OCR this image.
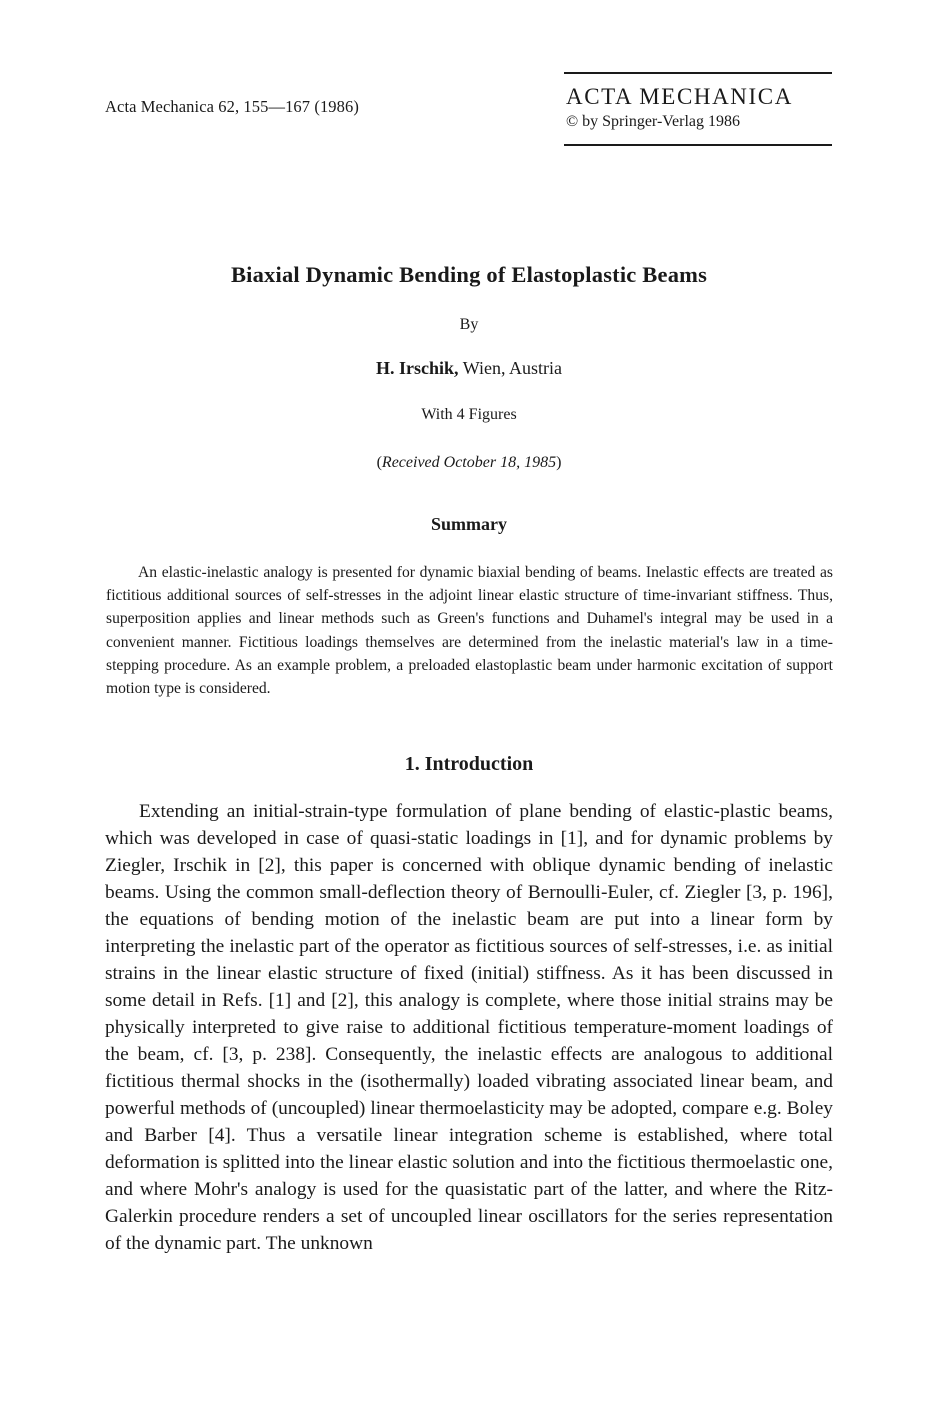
Acta Mechanica 62, 155—167 (1986)	ACTA MECHANICA
© by Springer-Verlag 1986
Biaxial Dynamic Bending of Elastoplastic Beams
By
H. Irschik, Wien, Austria
With 4 Figures
(Received October 18, 1985)
Summary

An elastic-inelastic analogy is presented for dynamic biaxial bending of beams. Inelastic effects are treated as fictitious additional sources of self-stresses in the adjoint linear elastic structure of time-invariant stiffness. Thus, superposition applies and linear methods such as Green's functions and Duhamel's integral may be used in a convenient manner. Fictitious loadings themselves are determined from the inelastic material's law in a time-stepping procedure. As an example problem, a preloaded elastoplastic beam under harmonic excitation of support motion type is considered.

1. Introduction

Extending an initial-strain-type formulation of plane bending of elastic-plastic beams, which was developed in case of quasi-static loadings in [1], and for dynamic problems by Ziegler, Irschik in [2], this paper is concerned with oblique dynamic bending of inelastic beams. Using the common small-deflection theory of Bernoulli-Euler, cf. Ziegler [3, p. 196], the equations of bending motion of the inelastic beam are put into a linear form by interpreting the inelastic part of the operator as fictitious sources of self-stresses, i.e. as initial strains in the linear elastic structure of fixed (initial) stiffness. As it has been discussed in some detail in Refs. [1] and [2], this analogy is complete, where those initial strains may be physically interpreted to give raise to additional fictitious temperature-moment loadings of the beam, cf. [3, p. 238]. Consequently, the inelastic effects are analogous to additional fictitious thermal shocks in the (isothermally) loaded vibrating associated linear beam, and powerful methods of (uncoupled) linear thermoelasticity may be adopted, compare e.g. Boley and Barber [4]. Thus a versatile linear integration scheme is established, where total deformation is splitted into the linear elastic solution and into the fictitious thermoelastic one, and where Mohr's analogy is used for the quasistatic part of the latter, and where the Ritz-Galerkin procedure renders a set of uncoupled linear oscillators for the series representation of the dynamic part. The unknown
